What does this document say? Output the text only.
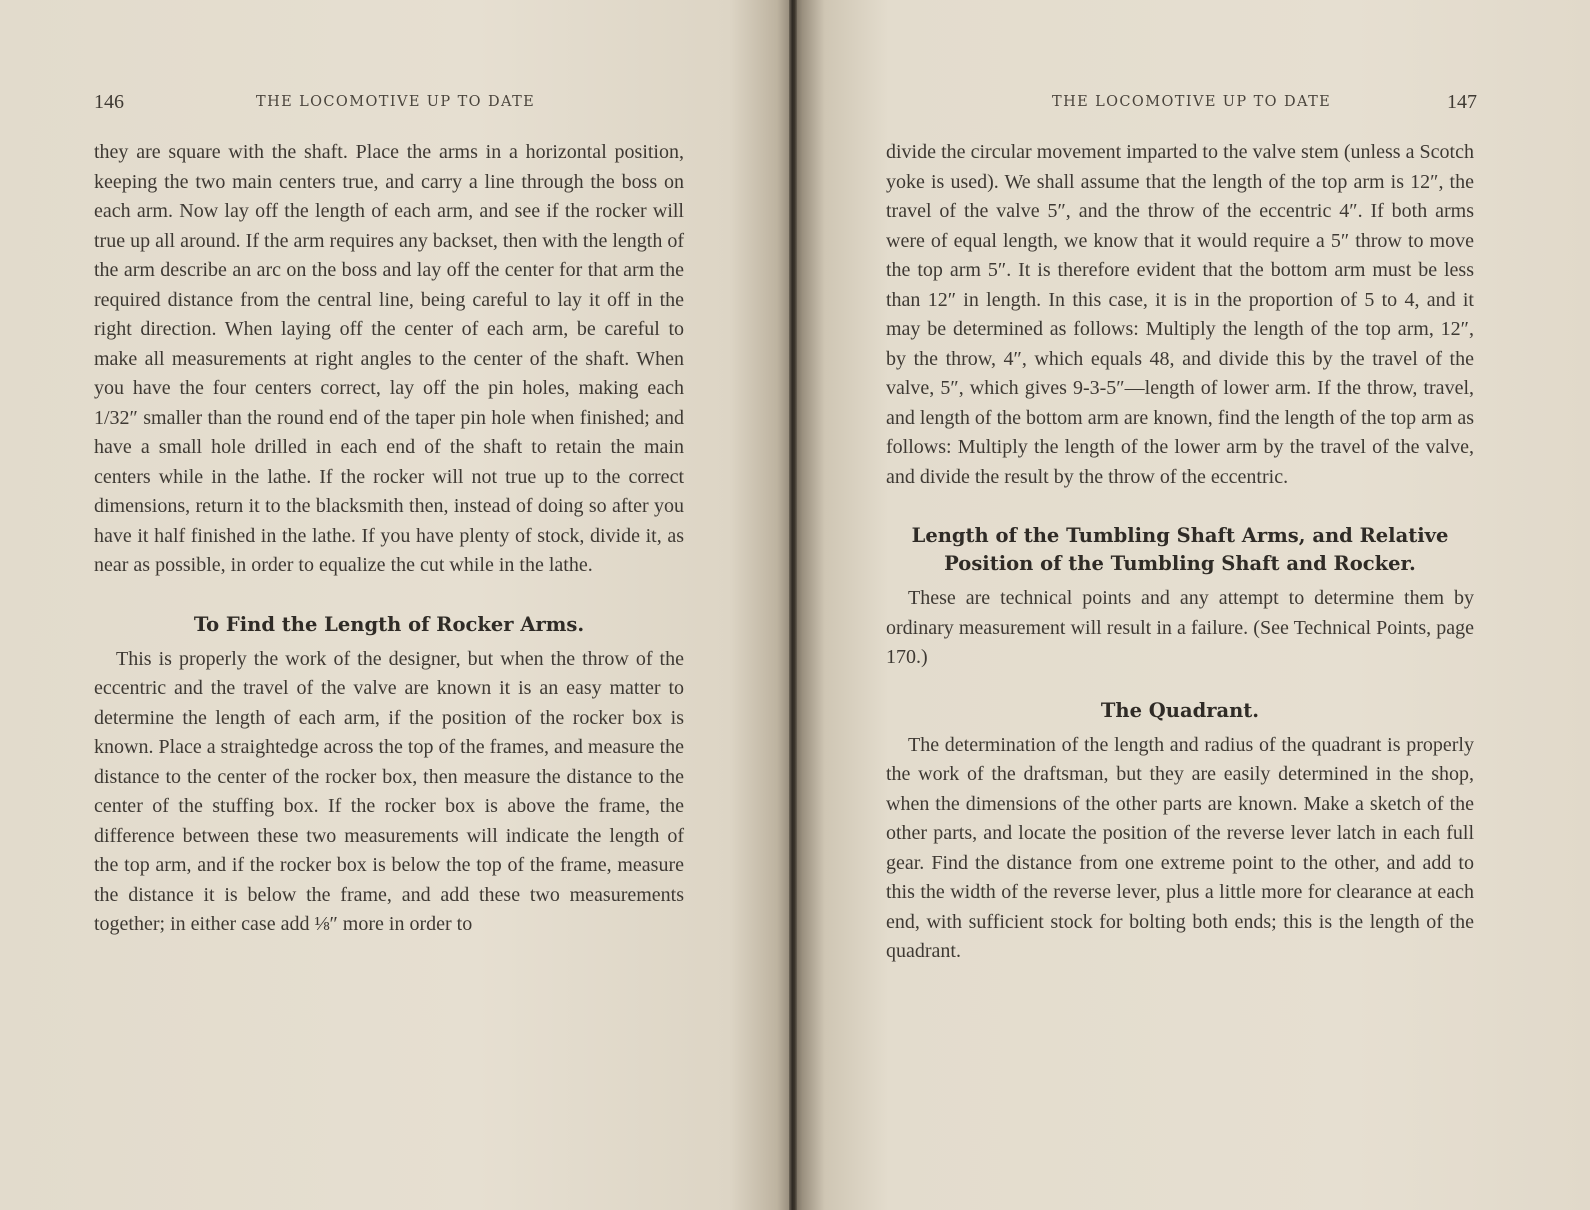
146	THE LOCOMOTIVE UP TO DATE

they are square with the shaft. Place the arms in a horizontal position, keeping the two main centers true, and carry a line through the boss on each arm. Now lay off the length of each arm, and see if the rocker will true up all around. If the arm requires any backset, then with the length of the arm describe an arc on the boss and lay off the center for that arm the required distance from the central line, being careful to lay it off in the right direction. When laying off the center of each arm, be careful to make all measurements at right angles to the center of the shaft. When you have the four centers correct, lay off the pin holes, making each 1/32″ smaller than the round end of the taper pin hole when finished; and have a small hole drilled in each end of the shaft to retain the main centers while in the lathe. If the rocker will not true up to the correct dimensions, return it to the blacksmith then, instead of doing so after you have it half finished in the lathe. If you have plenty of stock, divide it, as near as possible, in order to equalize the cut while in the lathe.

To Find the Length of Rocker Arms.

This is properly the work of the designer, but when the throw of the eccentric and the travel of the valve are known it is an easy matter to determine the length of each arm, if the position of the rocker box is known. Place a straightedge across the top of the frames, and measure the distance to the center of the rocker box, then measure the distance to the center of the stuffing box. If the rocker box is above the frame, the difference between these two measurements will indicate the length of the top arm, and if the rocker box is below the top of the frame, measure the distance it is below the frame, and add these two measurements together; in either case add ⅛″ more in order to

THE LOCOMOTIVE UP TO DATE	147

divide the circular movement imparted to the valve stem (unless a Scotch yoke is used). We shall assume that the length of the top arm is 12″, the travel of the valve 5″, and the throw of the eccentric 4″. If both arms were of equal length, we know that it would require a 5″ throw to move the top arm 5″. It is therefore evident that the bottom arm must be less than 12″ in length. In this case, it is in the proportion of 5 to 4, and it may be determined as follows: Multiply the length of the top arm, 12″, by the throw, 4″, which equals 48, and divide this by the travel of the valve, 5″, which gives 9-3-5″—length of lower arm. If the throw, travel, and length of the bottom arm are known, find the length of the top arm as follows: Multiply the length of the lower arm by the travel of the valve, and divide the result by the throw of the eccentric.

Length of the Tumbling Shaft Arms, and Relative Position of the Tumbling Shaft and Rocker.

These are technical points and any attempt to determine them by ordinary measurement will result in a failure. (See Technical Points, page 170.)

The Quadrant.

The determination of the length and radius of the quadrant is properly the work of the draftsman, but they are easily determined in the shop, when the dimensions of the other parts are known. Make a sketch of the other parts, and locate the position of the reverse lever latch in each full gear. Find the distance from one extreme point to the other, and add to this the width of the reverse lever, plus a little more for clearance at each end, with sufficient stock for bolting both ends; this is the length of the quadrant.
